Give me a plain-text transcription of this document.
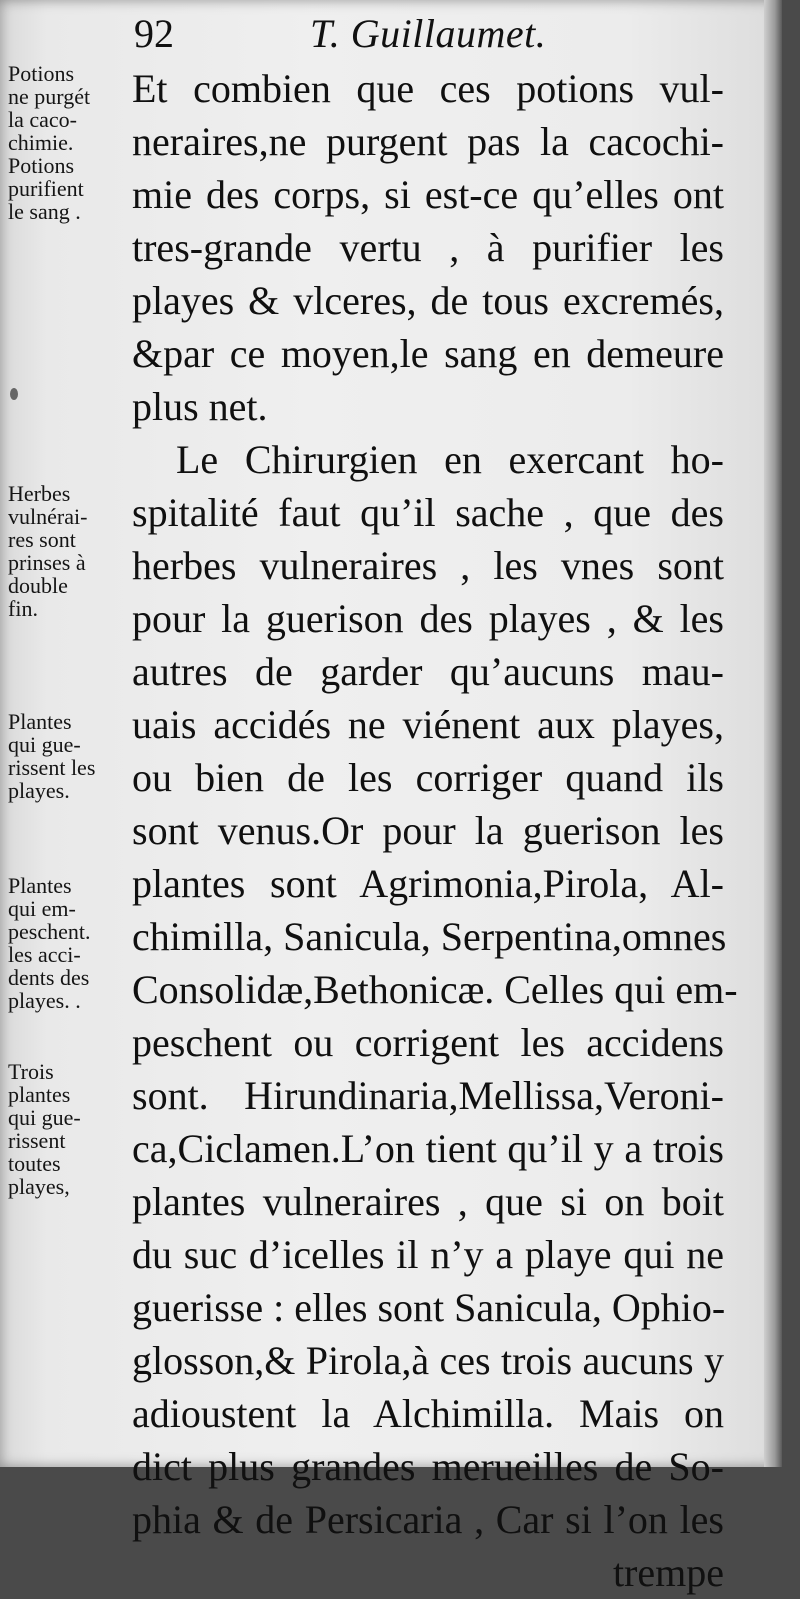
92	T. Guillaumet.
Potions
ne purgét
la caco-
chimie.
Potions
purifient
le sang .
Herbes
vulnérai-
res sont
prinses à
double
fin.
Plantes
qui gue-
rissent les
playes.
Plantes
qui em-
peschent.
les acci-
dents des
playes. .
Trois
plantes
qui gue-
rissent
toutes
playes,
Et combien que ces potions vul-
neraires,ne purgent pas la cacochi-
mie des corps, si est-ce qu’elles ont
tres-grande vertu , à purifier les
playes & vlceres, de tous excremés,
&par ce moyen,le sang en demeure
plus net.
Le Chirurgien en exercant ho-
spitalité faut qu’il sache , que des
herbes vulneraires , les vnes sont
pour la guerison des playes , & les
autres de garder qu’aucuns mau-
uais accidés ne viénent aux playes,
ou bien de les corriger quand ils
sont venus.Or pour la guerison les
plantes sont Agrimonia,Pirola, Al-
chimilla, Sanicula, Serpentina,omnes
Consolidæ,Bethonicæ. Celles qui em-
peschent ou corrigent les accidens
sont. Hirundinaria,Mellissa,Veroni-
ca,Ciclamen.L’on tient qu’il y a trois
plantes vulneraires , que si on boit
du suc d’icelles il n’y a playe qui ne
guerisse : elles sont Sanicula, Ophio-
glosson,& Pirola,à ces trois aucuns y
adioustent la Alchimilla. Mais on
dict plus grandes merueilles de So-
phia & de Persicaria , Car si l’on les
trempe
